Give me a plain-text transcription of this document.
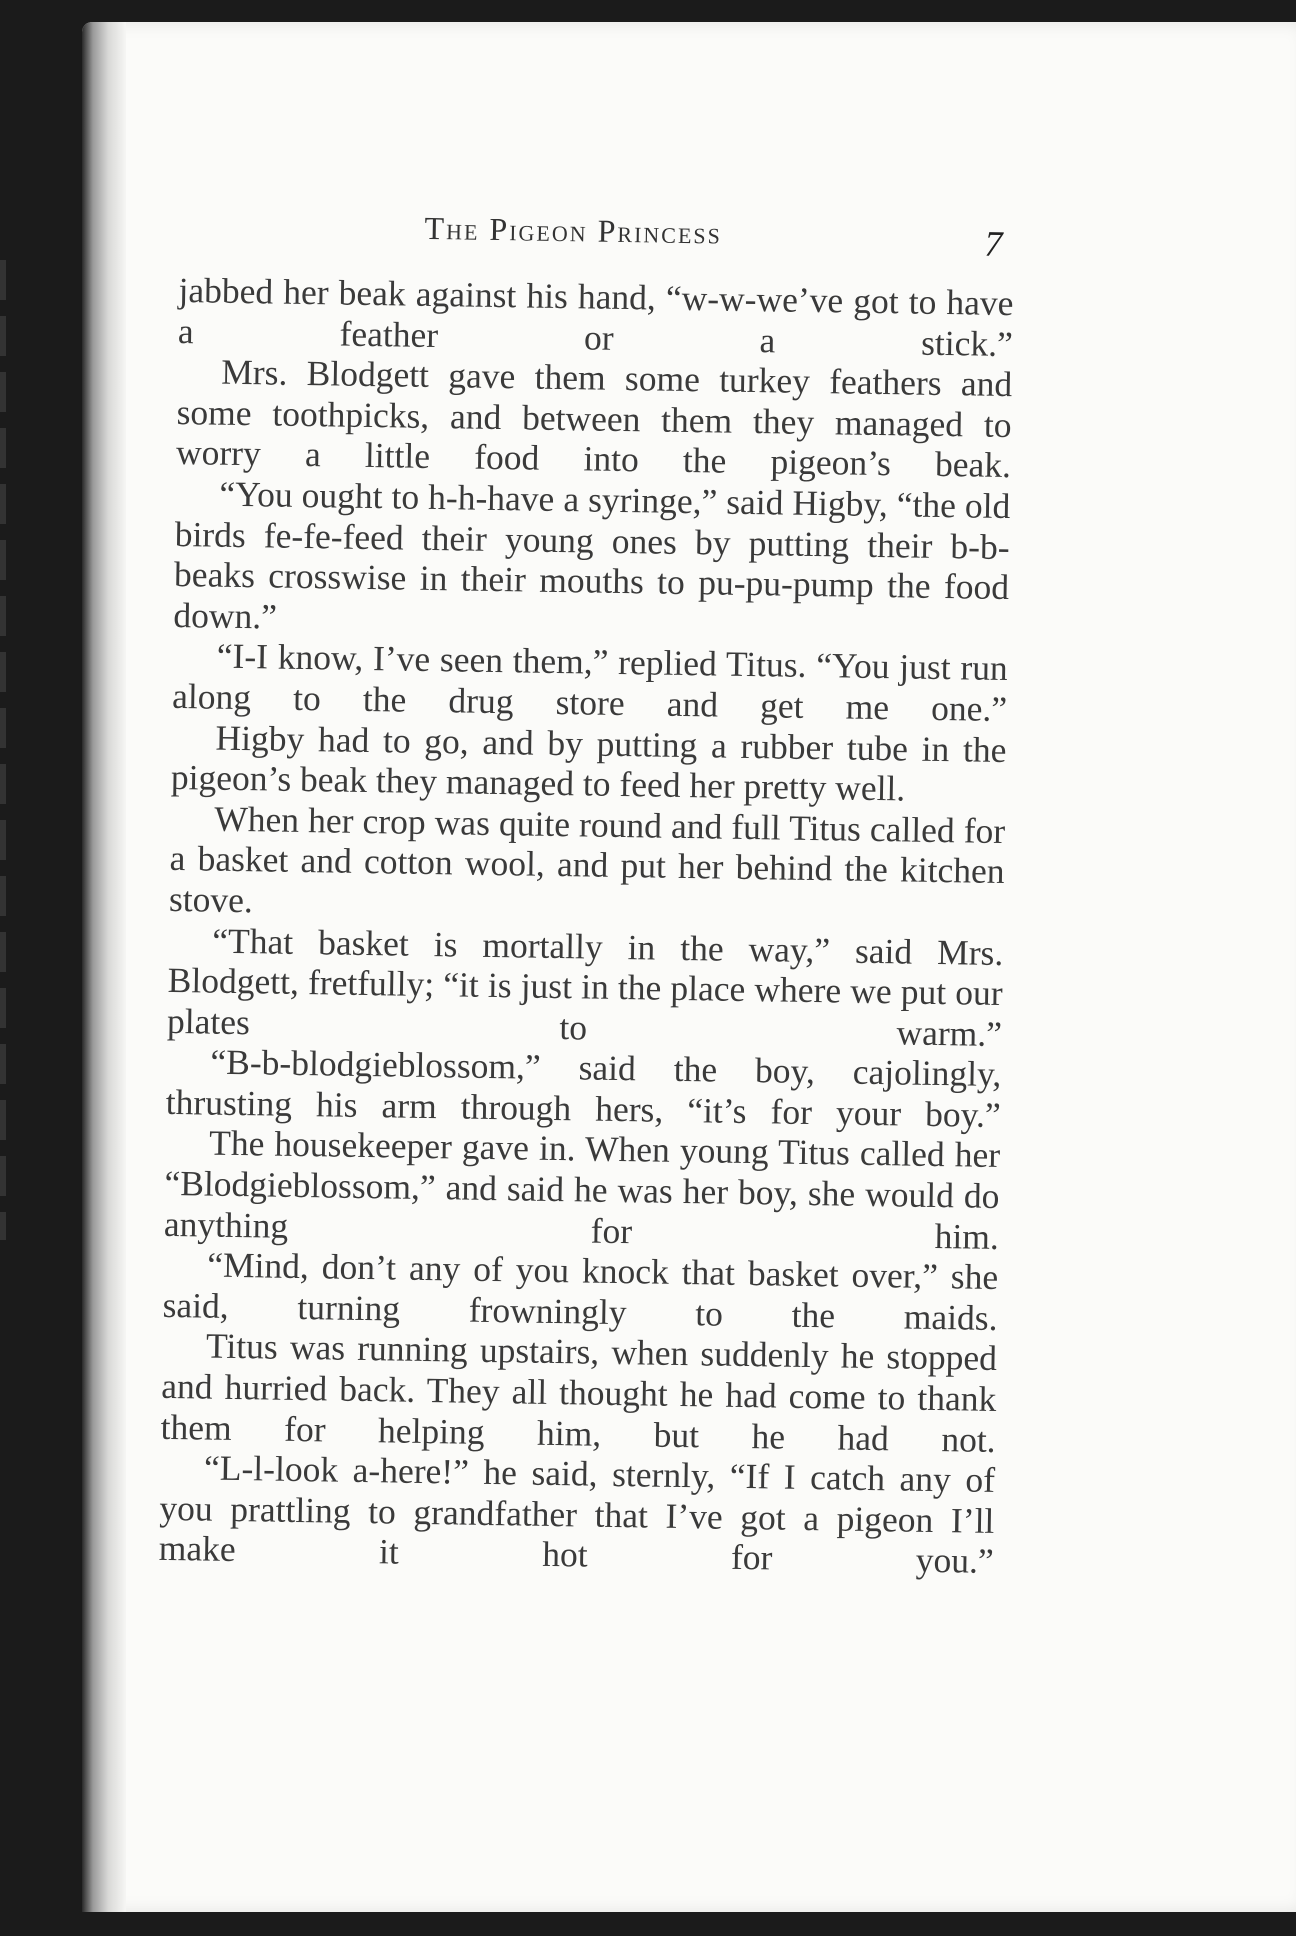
The Pigeon Princess	7

jabbed her beak against his hand, “w-w-we’ve got to have a feather or a stick.”

Mrs. Blodgett gave them some turkey feathers and some toothpicks, and between them they managed to worry a little food into the pigeon’s beak.

“You ought to h-h-have a syringe,” said Higby, “the old birds fe-fe-feed their young ones by putting their b-b-beaks crosswise in their mouths to pu-pu-pump the food down.”

“I-I know, I’ve seen them,” replied Titus. “You just run along to the drug store and get me one.”

Higby had to go, and by putting a rubber tube in the pigeon’s beak they managed to feed her pretty well.

When her crop was quite round and full Titus called for a basket and cotton wool, and put her behind the kitchen stove.

“That basket is mortally in the way,” said Mrs. Blodgett, fretfully; “it is just in the place where we put our plates to warm.”

“B-b-blodgieblossom,” said the boy, cajolingly, thrusting his arm through hers, “it’s for your boy.”

The housekeeper gave in. When young Titus called her “Blodgieblossom,” and said he was her boy, she would do anything for him.

“Mind, don’t any of you knock that basket over,” she said, turning frowningly to the maids.

Titus was running upstairs, when suddenly he stopped and hurried back. They all thought he had come to thank them for helping him, but he had not.

“L-l-look a-here!” he said, sternly, “If I catch any of you prattling to grandfather that I’ve got a pigeon I’ll make it hot for you.”
